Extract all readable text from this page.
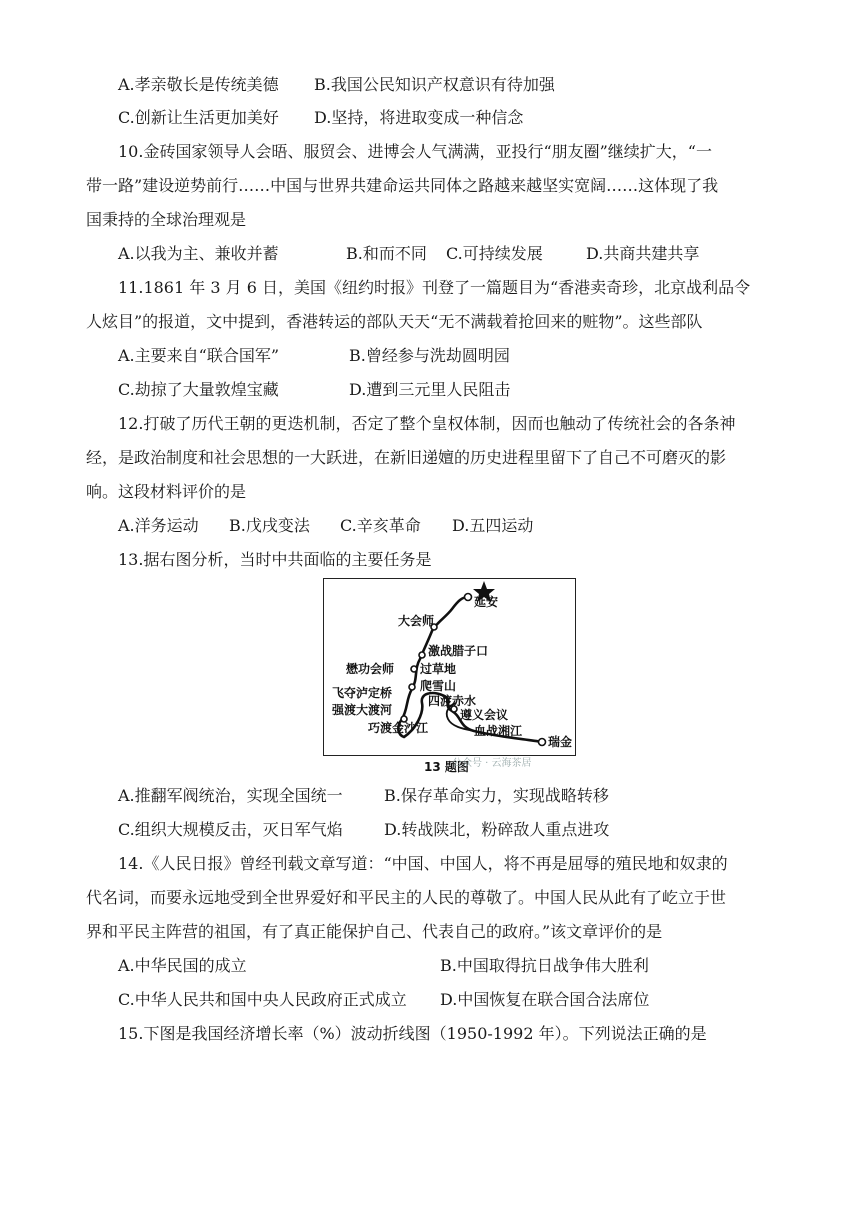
A.孝亲敬长是传统美德 B.我国公民知识产权意识有待加强
C.创新让生活更加美好 D.坚持，将进取变成一种信念
10.金砖国家领导人会晤、服贸会、进博会人气满满，亚投行“朋友圈”继续扩大，“一
带一路”建设逆势前行……中国与世界共建命运共同体之路越来越坚实宽阔……这体现了我
国秉持的全球治理观是
A.以我为主、兼收并蓄	B.和而不同 C.可持续发展	D.共商共建共享
11.1861 年 3 月 6 日，美国《纽约时报》刊登了一篇题目为“香港卖奇珍，北京战利品令
人炫目”的报道，文中提到，香港转运的部队天天“无不满载着抢回来的赃物”。这些部队
A.主要来自“联合国军”	B.曾经参与洗劫圆明园
C.劫掠了大量敦煌宝藏	D.遭到三元里人民阻击
12.打破了历代王朝的更迭机制，否定了整个皇权体制，因而也触动了传统社会的各条神
经，是政治制度和社会思想的一大跃进，在新旧递嬗的历史进程里留下了自己不可磨灭的影
响。这段材料评价的是
A.洋务运动 B.戊戌变法 C.辛亥革命 D.五四运动
13.据右图分析，当时中共面临的主要任务是
延安
大会师
激战腊子口
懋功会师 过草地
爬雪山
飞夺泸定桥
四渡赤水
强渡大渡河	遵义会议
巧渡金沙江	血战湘江
瑞金
13 题图
公众号 · 云海茶居
A.推翻军阀统治，实现全国统一	B.保存革命实力，实现战略转移
C.组织大规模反击，灭日军气焰	D.转战陕北，粉碎敌人重点进攻
14.《人民日报》曾经刊载文章写道：“中国、中国人，将不再是屈辱的殖民地和奴隶的
代名词，而要永远地受到全世界爱好和平民主的人民的尊敬了。中国人民从此有了屹立于世
界和平民主阵营的祖国，有了真正能保护自己、代表自己的政府。”该文章评价的是
A.中华民国的成立	B.中国取得抗日战争伟大胜利
C.中华人民共和国中央人民政府正式成立 D.中国恢复在联合国合法席位
15.下图是我国经济增长率（%）波动折线图（1950-1992 年）。下列说法正确的是
